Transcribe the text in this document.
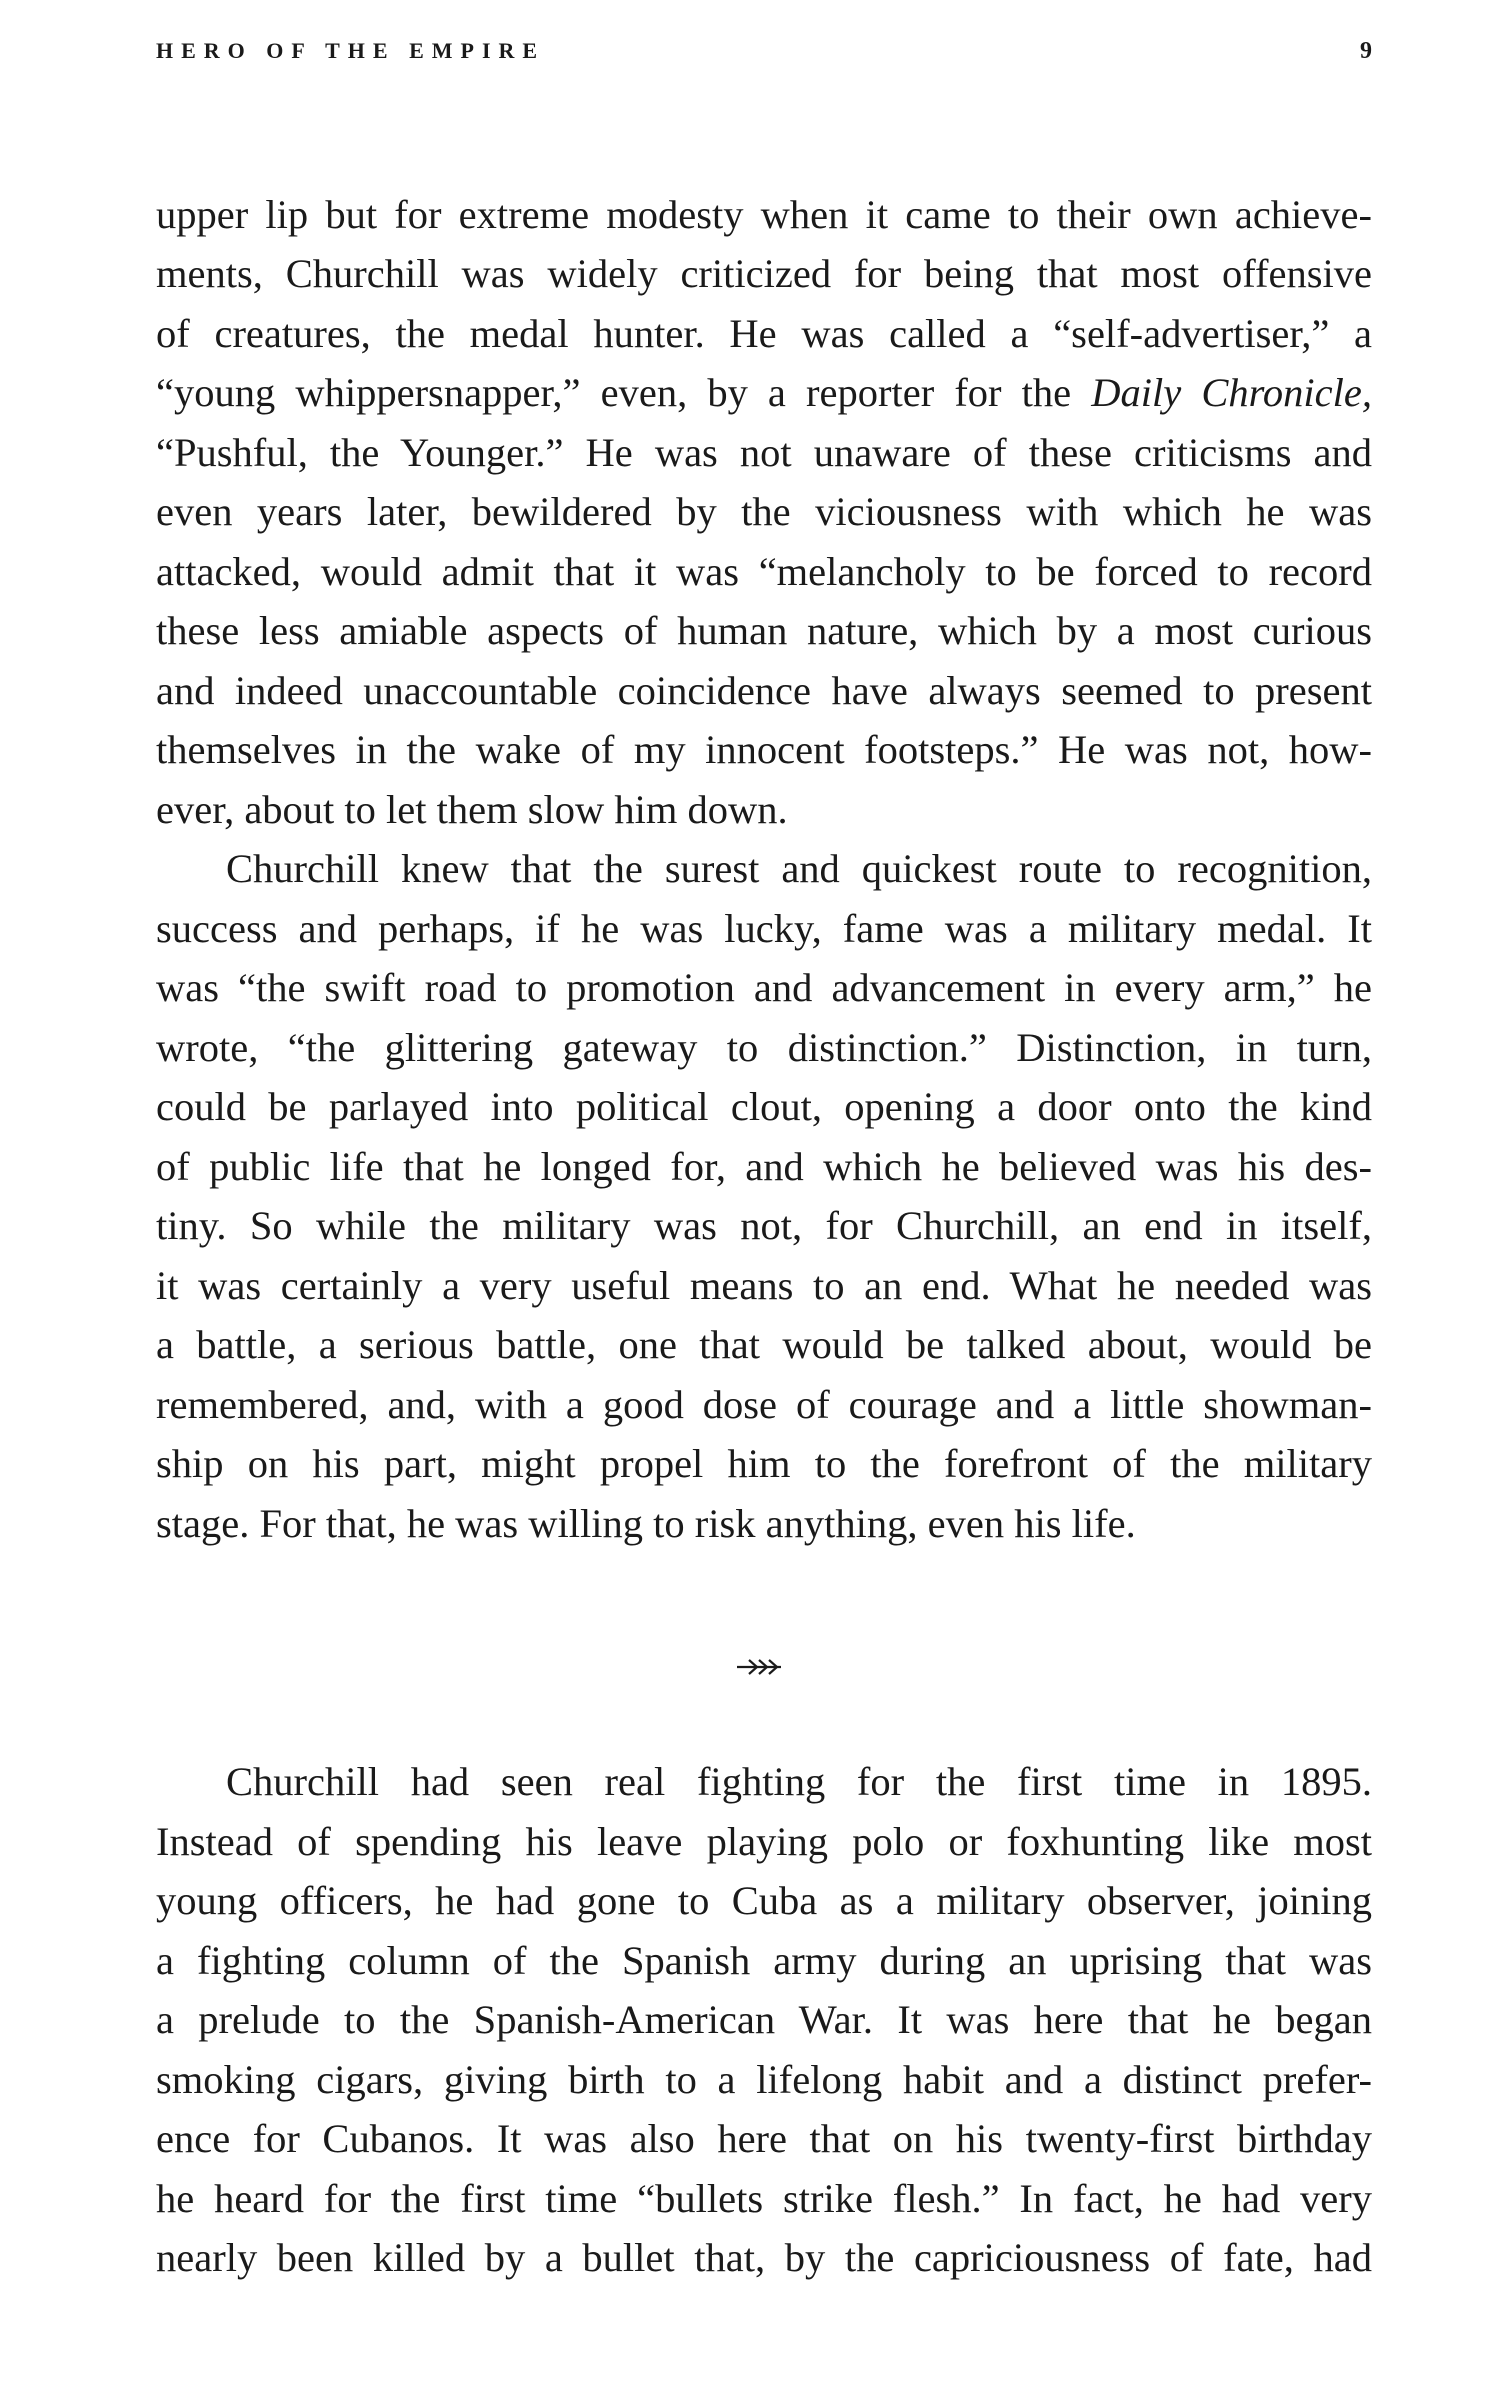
HERO OF THE EMPIRE	9
upper lip but for extreme modesty when it came to their own achieve-
ments, Churchill was widely criticized for being that most offensive
of creatures, the medal hunter. He was called a “self-advertiser,” a
“young whippersnapper,” even, by a reporter for the Daily Chronicle,
“Pushful, the Younger.” He was not unaware of these criticisms and
even years later, bewildered by the viciousness with which he was
attacked, would admit that it was “melancholy to be forced to record
these less amiable aspects of human nature, which by a most curious
and indeed unaccountable coincidence have always seemed to present
themselves in the wake of my innocent footsteps.” He was not, how-
ever, about to let them slow him down.
Churchill knew that the surest and quickest route to recognition,
success and perhaps, if he was lucky, fame was a military medal. It
was “the swift road to promotion and advancement in every arm,” he
wrote, “the glittering gateway to distinction.” Distinction, in turn,
could be parlayed into political clout, opening a door onto the kind
of public life that he longed for, and which he believed was his des-
tiny. So while the military was not, for Churchill, an end in itself,
it was certainly a very useful means to an end. What he needed was
a battle, a serious battle, one that would be talked about, would be
remembered, and, with a good dose of courage and a little showman-
ship on his part, might propel him to the forefront of the military
stage. For that, he was willing to risk anything, even his life.
Churchill had seen real fighting for the first time in 1895.
Instead of spending his leave playing polo or foxhunting like most
young officers, he had gone to Cuba as a military observer, joining
a fighting column of the Spanish army during an uprising that was
a prelude to the Spanish-American War. It was here that he began
smoking cigars, giving birth to a lifelong habit and a distinct prefer-
ence for Cubanos. It was also here that on his twenty-first birthday
he heard for the first time “bullets strike flesh.” In fact, he had very
nearly been killed by a bullet that, by the capriciousness of fate, had
